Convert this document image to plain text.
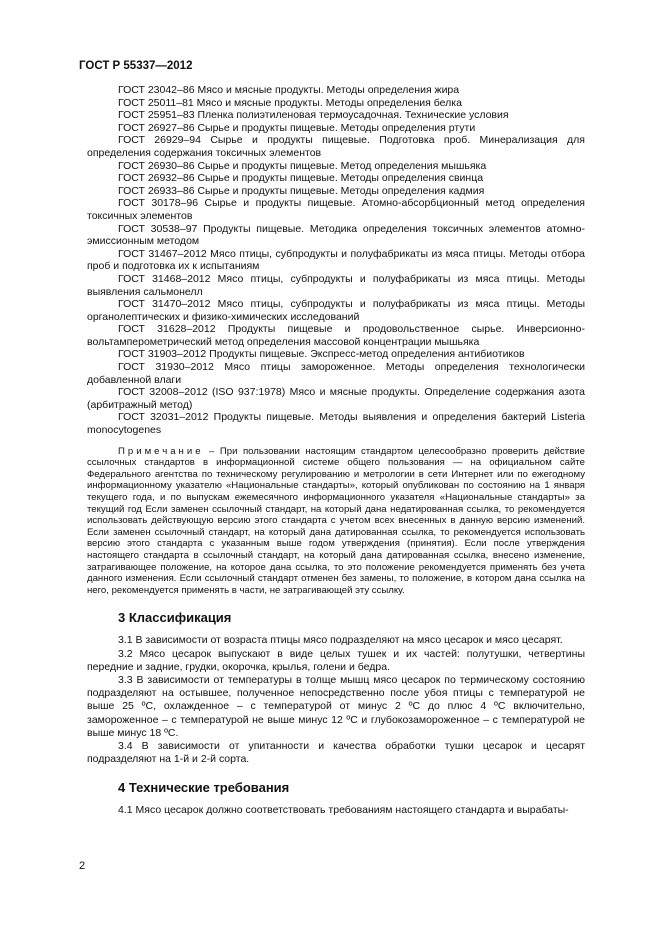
ГОСТ Р 55337—2012

ГОСТ 23042–86 Мясо и мясные продукты. Методы определения жира

ГОСТ 25011–81 Мясо и мясные продукты. Методы определения белка

ГОСТ 25951–83 Пленка полиэтиленовая термоусадочная. Технические условия

ГОСТ 26927–86 Сырье и продукты пищевые. Методы определения ртути

ГОСТ 26929–94 Сырье и продукты пищевые. Подготовка проб. Минерализация для определения содержания токсичных элементов

ГОСТ 26930–86 Сырье и продукты пищевые. Метод определения мышьяка

ГОСТ 26932–86 Сырье и продукты пищевые. Методы определения свинца

ГОСТ 26933–86 Сырье и продукты пищевые. Методы определения кадмия

ГОСТ 30178–96 Сырье и продукты пищевые. Атомно-абсорбционный метод определения токсичных элементов

ГОСТ 30538–97 Продукты пищевые. Методика определения токсичных элементов атомно-эмиссионным методом

ГОСТ 31467–2012 Мясо птицы, субпродукты и полуфабрикаты из мяса птицы. Методы отбора проб и подготовка их к испытаниям

ГОСТ 31468–2012 Мясо птицы, субпродукты и полуфабрикаты из мяса птицы. Методы выявления сальмонелл

ГОСТ 31470–2012 Мясо птицы, субпродукты и полуфабрикаты из мяса птицы. Методы органолептических и физико-химических исследований

ГОСТ 31628–2012 Продукты пищевые и продовольственное сырье. Инверсионно-вольтамперометрический метод определения массовой концентрации мышьяка

ГОСТ 31903–2012 Продукты пищевые. Экспресс-метод определения антибиотиков

ГОСТ 31930–2012 Мясо птицы замороженное. Методы определения технологически добавленной влаги

ГОСТ 32008–2012 (ISO 937:1978) Мясо и мясные продукты. Определение содержания азота (арбитражный метод)

ГОСТ 32031–2012 Продукты пищевые. Методы выявления и определения бактерий Listeria monocytogenes

Примечание – При пользовании настоящим стандартом целесообразно проверить действие ссылочных стандартов в информационной системе общего пользования — на официальном сайте Федерального агентства по техническому регулированию и метрологии в сети Интернет или по ежегодному информационному указателю «Национальные стандарты», который опубликован по состоянию на 1 января текущего года, и по выпускам ежемесячного информационного указателя «Национальные стандарты» за текущий год Если заменен ссылочный стандарт, на который дана недатированная ссылка, то рекомендуется использовать действующую версию этого стандарта с учетом всех внесенных в данную версию изменений. Если заменен ссылочный стандарт, на который дана датированная ссылка, то рекомендуется использовать версию этого стандарта с указанным выше годом утверждения (принятия). Если после утверждения настоящего стандарта в ссылочный стандарт, на который дана датированная ссылка, внесено изменение, затрагивающее положение, на которое дана ссылка, то это положение рекомендуется применять без учета данного изменения. Если ссылочный стандарт отменен без замены, то положение, в котором дана ссылка на него, рекомендуется применять в части, не затрагивающей эту ссылку.

3 Классификация

3.1 В зависимости от возраста птицы мясо подразделяют на мясо цесарок и мясо цесарят.

3.2 Мясо цесарок выпускают в виде целых тушек и их частей: полутушки, четвертины передние и задние, грудки, окорочка, крылья, голени и бедра.

3.3 В зависимости от температуры в толще мышц мясо цесарок по термическому состоянию подразделяют на остывшее, полученное непосредственно после убоя птицы с температурой не выше 25 ºС, охлажденное – с температурой от минус 2 ºС до плюс 4 ºС включительно, замороженное – с температурой не выше минус 12 ºС и глубокозамороженное – с температурой не выше минус 18 ºС.

3.4 В зависимости от упитанности и качества обработки тушки цесарок и цесарят подразделяют на 1-й и 2-й сорта.

4 Технические требования

4.1 Мясо цесарок должно соответствовать требованиям настоящего стандарта и вырабаты-

2
